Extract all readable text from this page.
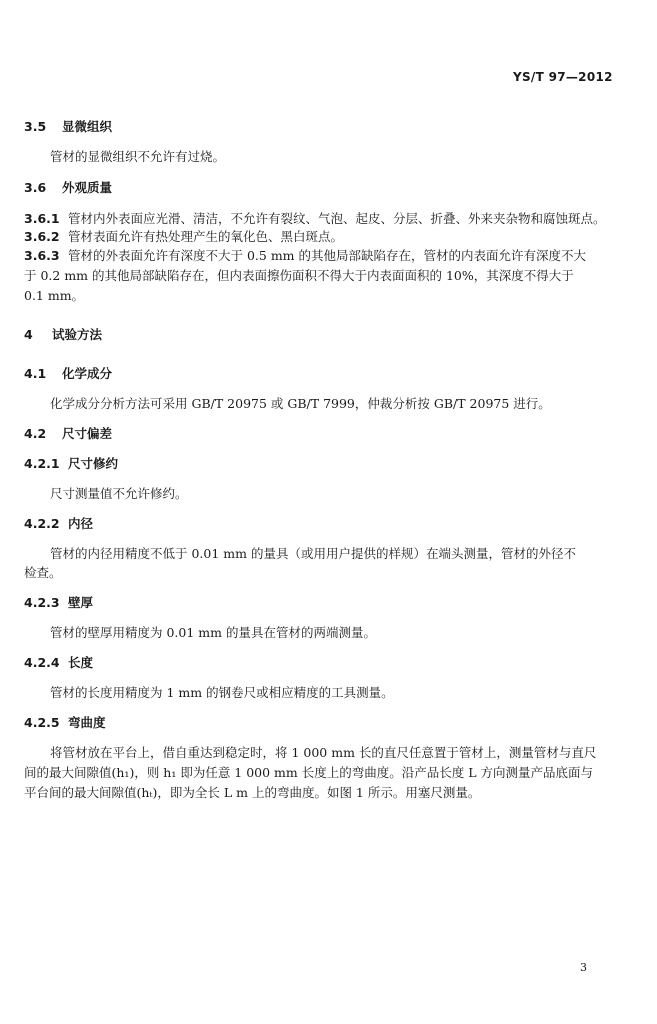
YS/T 97—2012
3.5 显微组织
管材的显微组织不允许有过烧。
3.6 外观质量
3.6.1 管材内外表面应光滑、清洁，不允许有裂纹、气泡、起皮、分层、折叠、外来夹杂物和腐蚀斑点。
3.6.2 管材表面允许有热处理产生的氧化色、黑白斑点。
3.6.3 管材的外表面允许有深度不大于 0.5 mm 的其他局部缺陷存在，管材的内表面允许有深度不大
于 0.2 mm 的其他局部缺陷存在，但内表面擦伤面积不得大于内表面面积的 10%，其深度不得大于
0.1 mm。
4 试验方法
4.1 化学成分
化学成分分析方法可采用 GB/T 20975 或 GB/T 7999，仲裁分析按 GB/T 20975 进行。
4.2 尺寸偏差
4.2.1 尺寸修约
尺寸测量值不允许修约。
4.2.2 内径
管材的内径用精度不低于 0.01 mm 的量具（或用用户提供的样规）在端头测量，管材的外径不
检查。
4.2.3 壁厚
管材的壁厚用精度为 0.01 mm 的量具在管材的两端测量。
4.2.4 长度
管材的长度用精度为 1 mm 的钢卷尺或相应精度的工具测量。
4.2.5 弯曲度
将管材放在平台上，借自重达到稳定时，将 1 000 mm 长的直尺任意置于管材上，测量管材与直尺
间的最大间隙值(h₁)，则 h₁ 即为任意 1 000 mm 长度上的弯曲度。沿产品长度 L 方向测量产品底面与
平台间的最大间隙值(hₜ)，即为全长 L m 上的弯曲度。如图 1 所示。用塞尺测量。
3
